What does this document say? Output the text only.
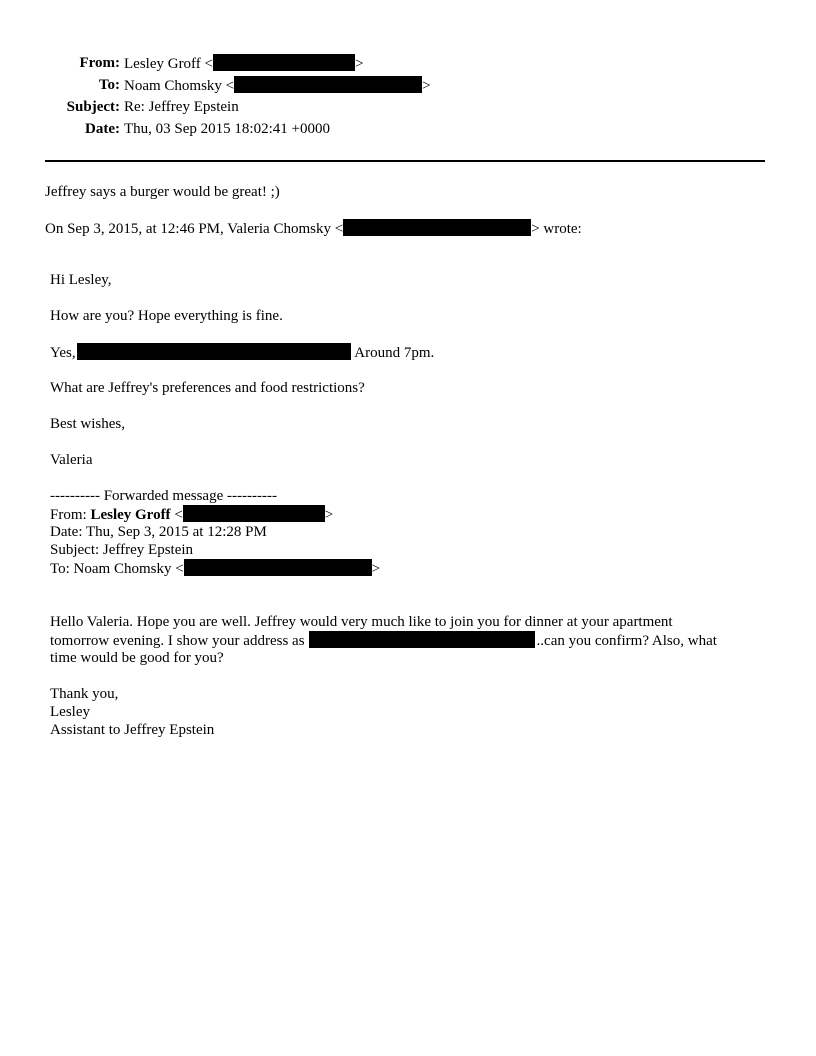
From: Lesley Groff <	>
To: Noam Chomsky <	>
Subject: Re: Jeffrey Epstein
Date: Thu, 03 Sep 2015 18:02:41 +0000
Jeffrey says a burger would be great! ;)
On Sep 3, 2015, at 12:46 PM, Valeria Chomsky <	> wrote:
Hi Lesley,
How are you? Hope everything is fine.
Yes,	Around 7pm.
What are Jeffrey's preferences and food restrictions?
Best wishes,
Valeria
---------- Forwarded message ----------
From: Lesley Groff <	>
Date: Thu, Sep 3, 2015 at 12:28 PM
Subject: Jeffrey Epstein
To: Noam Chomsky <	>
Hello Valeria. Hope you are well. Jeffrey would very much like to join you for dinner at your apartment
tomorrow evening. I show your address as	..can you confirm? Also, what
time would be good for you?
Thank you,
Lesley
Assistant to Jeffrey Epstein
